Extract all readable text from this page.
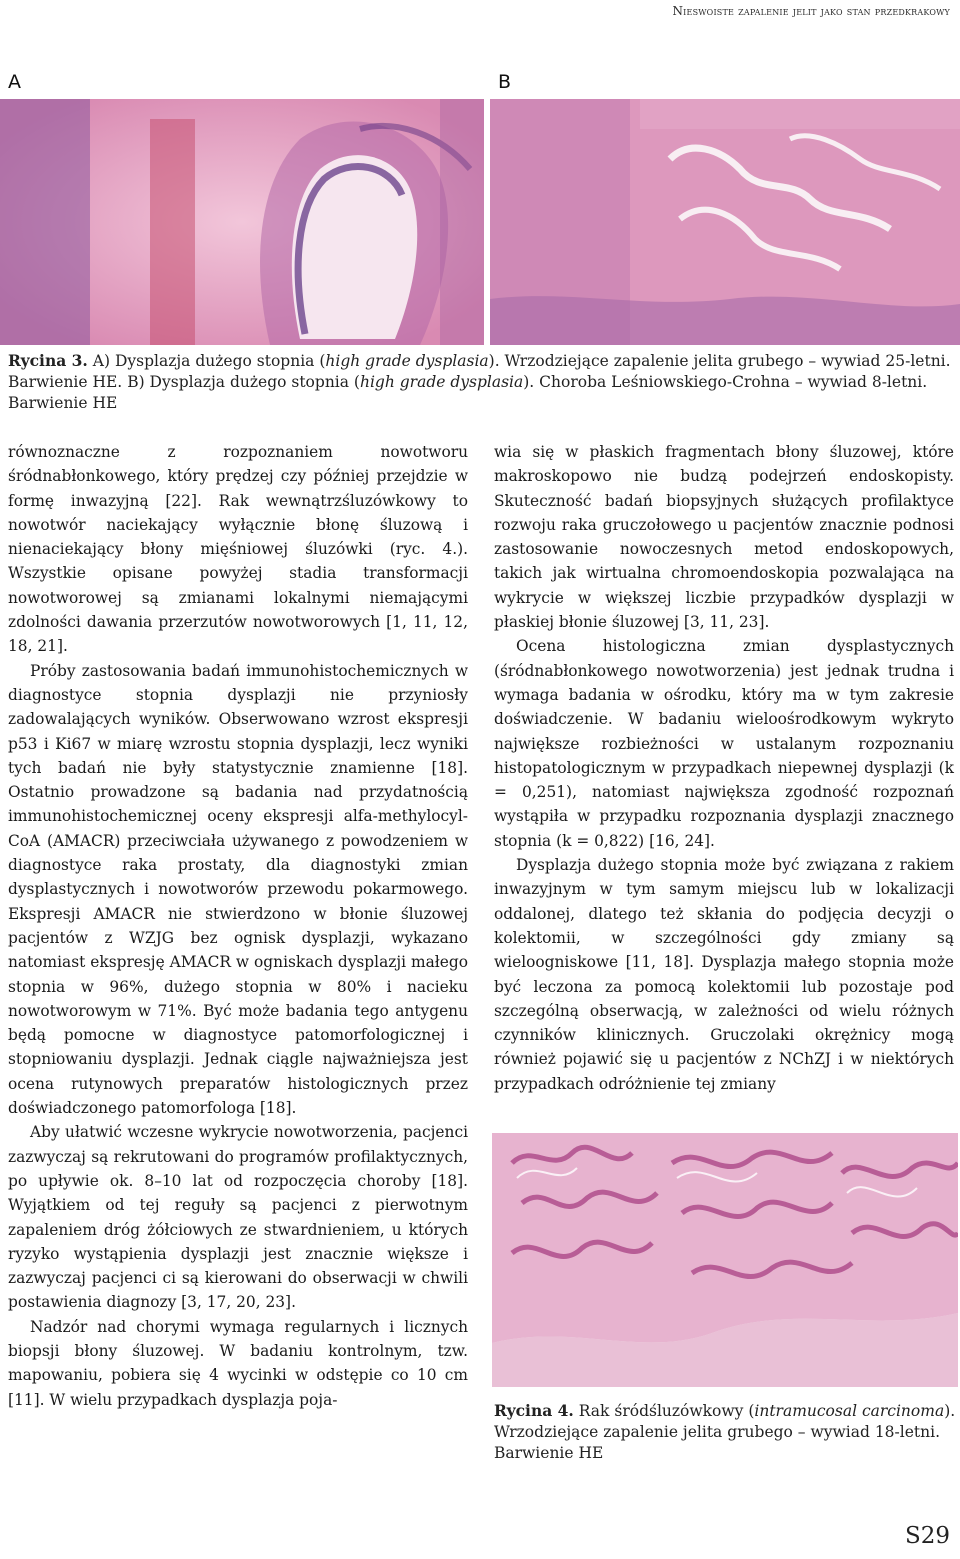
Nieswoiste zapalenie jelit jako stan przedkrakowy
A	B
Rycina 3. A) Dysplazja dużego stopnia (high grade dysplasia). Wrzodziejące zapalenie jelita grubego – wywiad 25-letni. Barwienie HE. B) Dysplazja dużego stopnia (high grade dysplasia). Choroba Leśniowskiego-Crohna – wywiad 8-letni. Barwienie HE

równoznaczne z rozpoznaniem nowotworu śródnabłonkowego, który prędzej czy później przejdzie w formę inwazyjną [22]. Rak wewnątrzśluzówkowy to nowotwór naciekający wyłącznie błonę śluzową i nienaciekający błony mięśniowej śluzówki (ryc. 4.). Wszystkie opisane powyżej stadia transformacji nowotworowej są zmianami lokalnymi niemającymi zdolności dawania przerzutów nowotworowych [1, 11, 12, 18, 21].

Próby zastosowania badań immunohistochemicznych w diagnostyce stopnia dysplazji nie przyniosły zadowalających wyników. Obserwowano wzrost ekspresji p53 i Ki67 w miarę wzrostu stopnia dysplazji, lecz wyniki tych badań nie były statystycznie znamienne [18]. Ostatnio prowadzone są badania nad przydatnością immunohistochemicznej oceny ekspresji alfa-methylocyl-CoA (AMACR) przeciwciała używanego z powodzeniem w diagnostyce raka prostaty, dla diagnostyki zmian dysplastycznych i nowotworów przewodu pokarmowego. Ekspresji AMACR nie stwierdzono w błonie śluzowej pacjentów z WZJG bez ognisk dysplazji, wykazano natomiast ekspresję AMACR w ogniskach dysplazji małego stopnia w 96%, dużego stopnia w 80% i nacieku nowotworowym w 71%. Być może badania tego antygenu będą pomocne w diagnostyce patomorfologicznej i stopniowaniu dysplazji. Jednak ciągle najważniejsza jest ocena rutynowych preparatów histologicznych przez doświadczonego patomorfologa [18].

Aby ułatwić wczesne wykrycie nowotworzenia, pacjenci zazwyczaj są rekrutowani do programów profilaktycznych, po upływie ok. 8–10 lat od rozpoczęcia choroby [18]. Wyjątkiem od tej reguły są pacjenci z pierwotnym zapaleniem dróg żółciowych ze stwardnieniem, u których ryzyko wystąpienia dysplazji jest znacznie większe i zazwyczaj pacjenci ci są kierowani do obserwacji w chwili postawienia diagnozy [3, 17, 20, 23].

Nadzór nad chorymi wymaga regularnych i licznych biopsji błony śluzowej. W badaniu kontrolnym, tzw. mapowaniu, pobiera się 4 wycinki w odstępie co 10 cm [11]. W wielu przypadkach dysplazja poja-

wia się w płaskich fragmentach błony śluzowej, które makroskopowo nie budzą podejrzeń endoskopisty. Skuteczność badań biopsyjnych służących profilaktyce rozwoju raka gruczołowego u pacjentów znacznie podnosi zastosowanie nowoczesnych metod endoskopowych, takich jak wirtualna chromoendoskopia pozwalająca na wykrycie w większej liczbie przypadków dysplazji w płaskiej błonie śluzowej [3, 11, 23].

Ocena histologiczna zmian dysplastycznych (śródnabłonkowego nowotworzenia) jest jednak trudna i wymaga badania w ośrodku, który ma w tym zakresie doświadczenie. W badaniu wieloośrodkowym wykryto największe rozbieżności w ustalanym rozpoznaniu histopatologicznym w przypadkach niepewnej dysplazji (k = 0,251), natomiast największa zgodność rozpoznań wystąpiła w przypadku rozpoznania dysplazji znacznego stopnia (k = 0,822) [16, 24].

Dysplazja dużego stopnia może być związana z rakiem inwazyjnym w tym samym miejscu lub w lokalizacji oddalonej, dlatego też skłania do podjęcia decyzji o kolektomii, w szczególności gdy zmiany są wieloogniskowe [11, 18]. Dysplazja małego stopnia może być leczona za pomocą kolektomii lub pozostaje pod szczególną obserwacją, w zależności od wielu różnych czynników klinicznych. Gruczolaki okrężnicy mogą również pojawić się u pacjentów z NChZJ i w niektórych przypadkach odróżnienie tej zmiany

Rycina 4. Rak śródśluzówkowy (intramucosal carcinoma). Wrzodziejące zapalenie jelita grubego – wywiad 18-letni. Barwienie HE
S29
